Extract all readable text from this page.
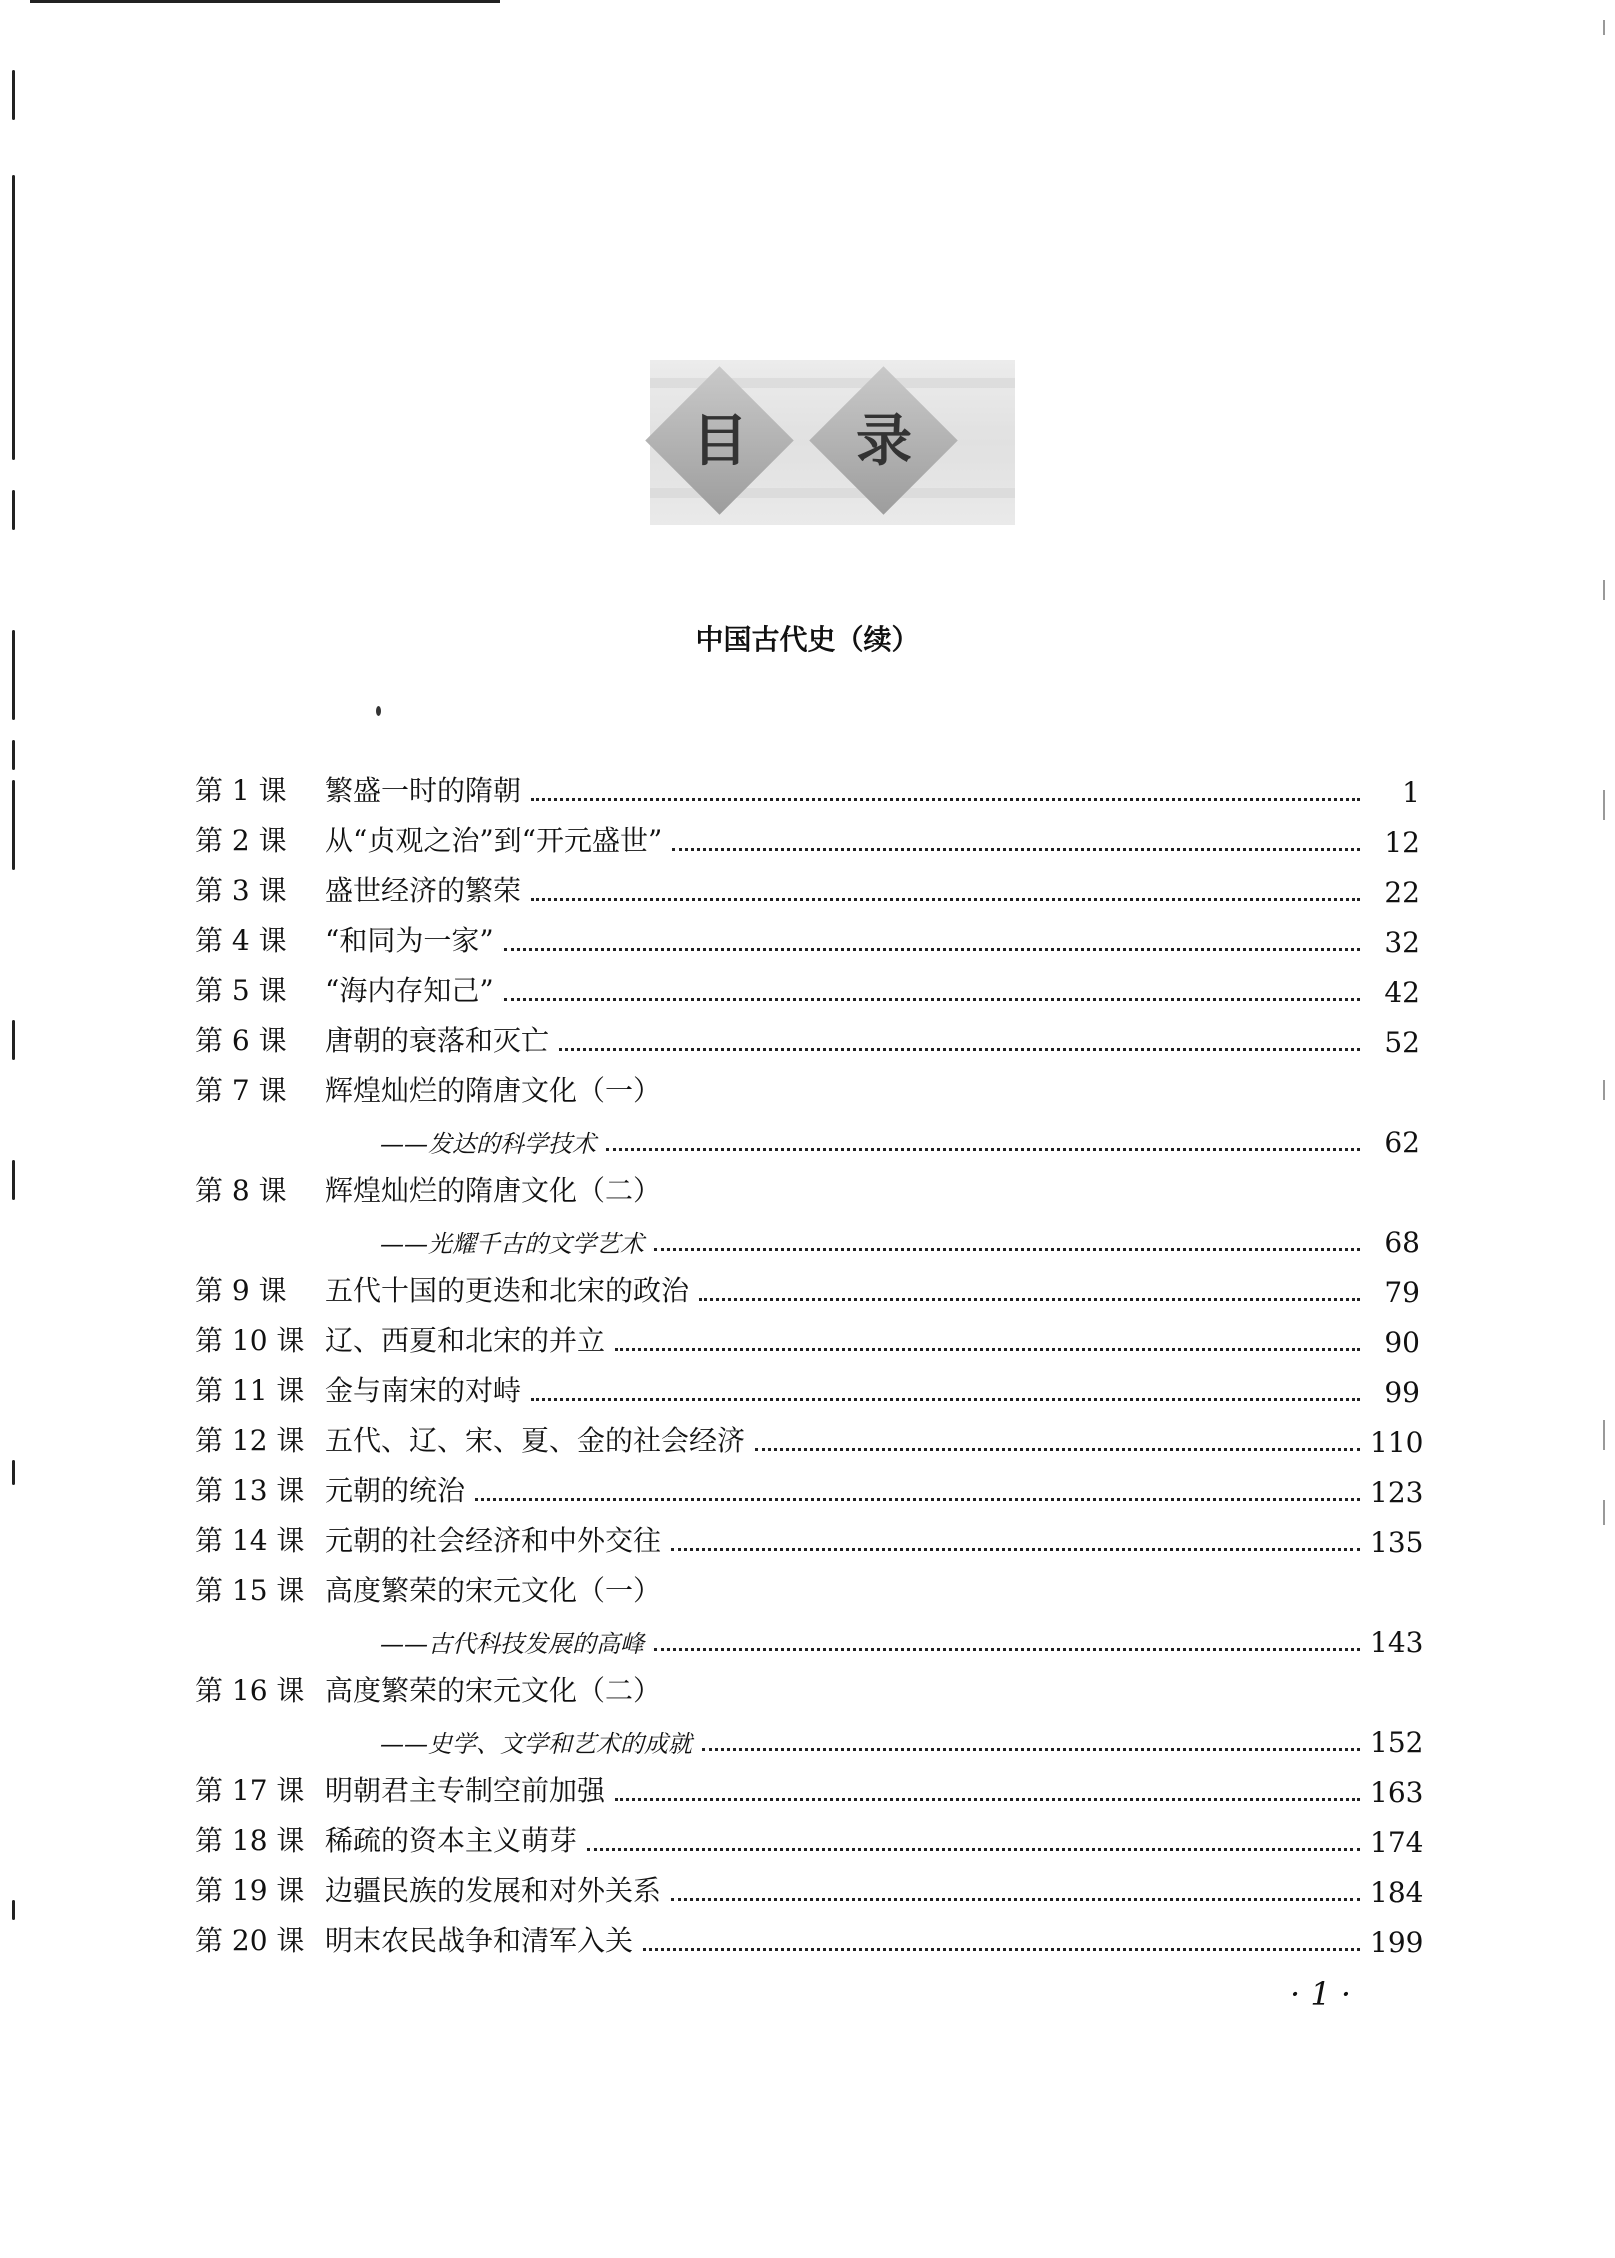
目	录
中国古代史（续）
第 1 课	繁盛一时的隋朝	1
第 2 课	从“贞观之治”到“开元盛世”	12
第 3 课	盛世经济的繁荣	22
第 4 课	“和同为一家”	32
第 5 课	“海内存知己”	42
第 6 课	唐朝的衰落和灭亡	52
第 7 课	辉煌灿烂的隋唐文化（一）
——发达的科学技术	62
第 8 课	辉煌灿烂的隋唐文化（二）
——光耀千古的文学艺术	68
第 9 课	五代十国的更迭和北宋的政治	79
第 10 课 辽、西夏和北宋的并立	90
第 11 课 金与南宋的对峙	99
第 12 课 五代、辽、宋、夏、金的社会经济	110
第 13 课 元朝的统治	123
第 14 课 元朝的社会经济和中外交往	135
第 15 课 高度繁荣的宋元文化（一）
——古代科技发展的高峰	143
第 16 课 高度繁荣的宋元文化（二）
——史学、文学和艺术的成就	152
第 17 课 明朝君主专制空前加强	163
第 18 课 稀疏的资本主义萌芽	174
第 19 课 边疆民族的发展和对外关系	184
第 20 课 明末农民战争和清军入关	199
· 1 ·
